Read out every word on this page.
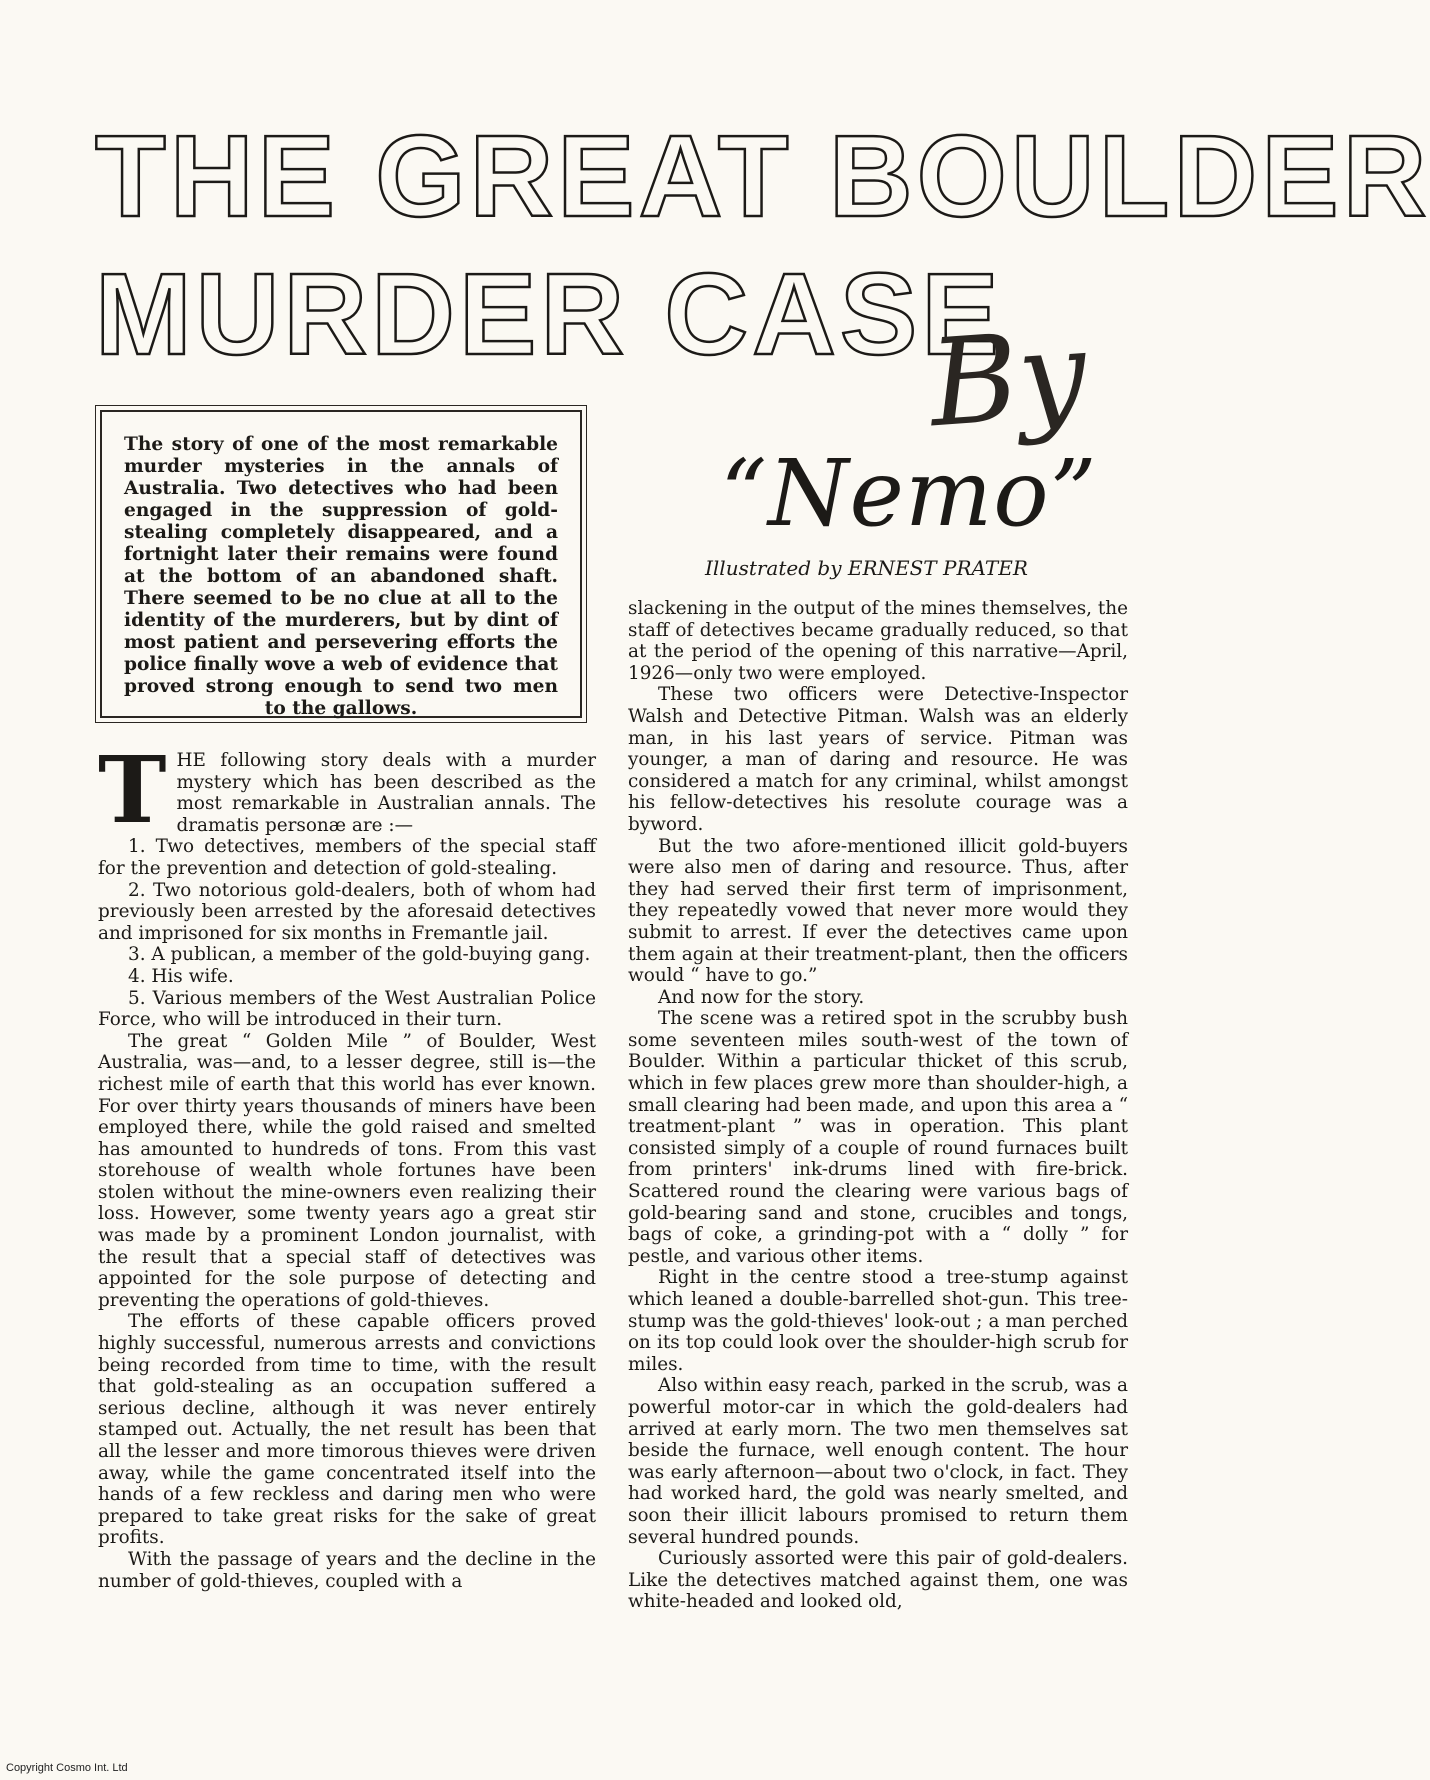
THE GREAT BOULDER
MURDER CASE
By
“Nemo”
Illustrated by ERNEST PRATER

The story of one of the most remarkable murder mysteries in the annals of Australia. Two detectives who had been engaged in the suppression of gold-stealing completely disappeared, and a fortnight later their remains were found at the bottom of an abandoned shaft. There seemed to be no clue at all to the identity of the murderers, but by dint of most patient and persevering efforts the police finally wove a web of evidence that proved strong enough to send two men to the gallows.

THE following story deals with a murder mystery which has been described as the most remarkable in Australian annals. The dramatis personæ are :—

1. Two detectives, members of the special staff for the prevention and detection of gold-stealing.

2. Two notorious gold-dealers, both of whom had previously been arrested by the aforesaid detectives and imprisoned for six months in Fremantle jail.

3. A publican, a member of the gold-buying gang.

4. His wife.

5. Various members of the West Australian Police Force, who will be introduced in their turn.

The great “ Golden Mile ” of Boulder, West Australia, was—and, to a lesser degree, still is—the richest mile of earth that this world has ever known. For over thirty years thousands of miners have been employed there, while the gold raised and smelted has amounted to hundreds of tons. From this vast storehouse of wealth whole fortunes have been stolen without the mine-owners even realizing their loss. However, some twenty years ago a great stir was made by a prominent London journalist, with the result that a special staff of detectives was appointed for the sole purpose of detecting and preventing the operations of gold-thieves.

The efforts of these capable officers proved highly successful, numerous arrests and convictions being recorded from time to time, with the result that gold-stealing as an occupation suffered a serious decline, although it was never entirely stamped out. Actually, the net result has been that all the lesser and more timorous thieves were driven away, while the game concentrated itself into the hands of a few reckless and daring men who were prepared to take great risks for the sake of great profits.

With the passage of years and the decline in the number of gold-thieves, coupled with a

slackening in the output of the mines themselves, the staff of detectives became gradually reduced, so that at the period of the opening of this narrative—April, 1926—only two were employed.

These two officers were Detective-Inspector Walsh and Detective Pitman. Walsh was an elderly man, in his last years of service. Pitman was younger, a man of daring and resource. He was considered a match for any criminal, whilst amongst his fellow-detectives his resolute courage was a byword.

But the two afore-mentioned illicit gold-buyers were also men of daring and resource. Thus, after they had served their first term of imprisonment, they repeatedly vowed that never more would they submit to arrest. If ever the detectives came upon them again at their treatment-plant, then the officers would “ have to go.”

And now for the story.

The scene was a retired spot in the scrubby bush some seventeen miles south-west of the town of Boulder. Within a particular thicket of this scrub, which in few places grew more than shoulder-high, a small clearing had been made, and upon this area a “ treatment-plant ” was in operation. This plant consisted simply of a couple of round furnaces built from printers' ink-drums lined with fire-brick. Scattered round the clearing were various bags of gold-bearing sand and stone, crucibles and tongs, bags of coke, a grinding-pot with a “ dolly ” for pestle, and various other items.

Right in the centre stood a tree-stump against which leaned a double-barrelled shot-gun. This tree-stump was the gold-thieves' look-out ; a man perched on its top could look over the shoulder-high scrub for miles.

Also within easy reach, parked in the scrub, was a powerful motor-car in which the gold-dealers had arrived at early morn. The two men themselves sat beside the furnace, well enough content. The hour was early afternoon—about two o'clock, in fact. They had worked hard, the gold was nearly smelted, and soon their illicit labours promised to return them several hundred pounds.

Curiously assorted were this pair of gold-dealers. Like the detectives matched against them, one was white-headed and looked old,

Copyright Cosmo Int. Ltd
